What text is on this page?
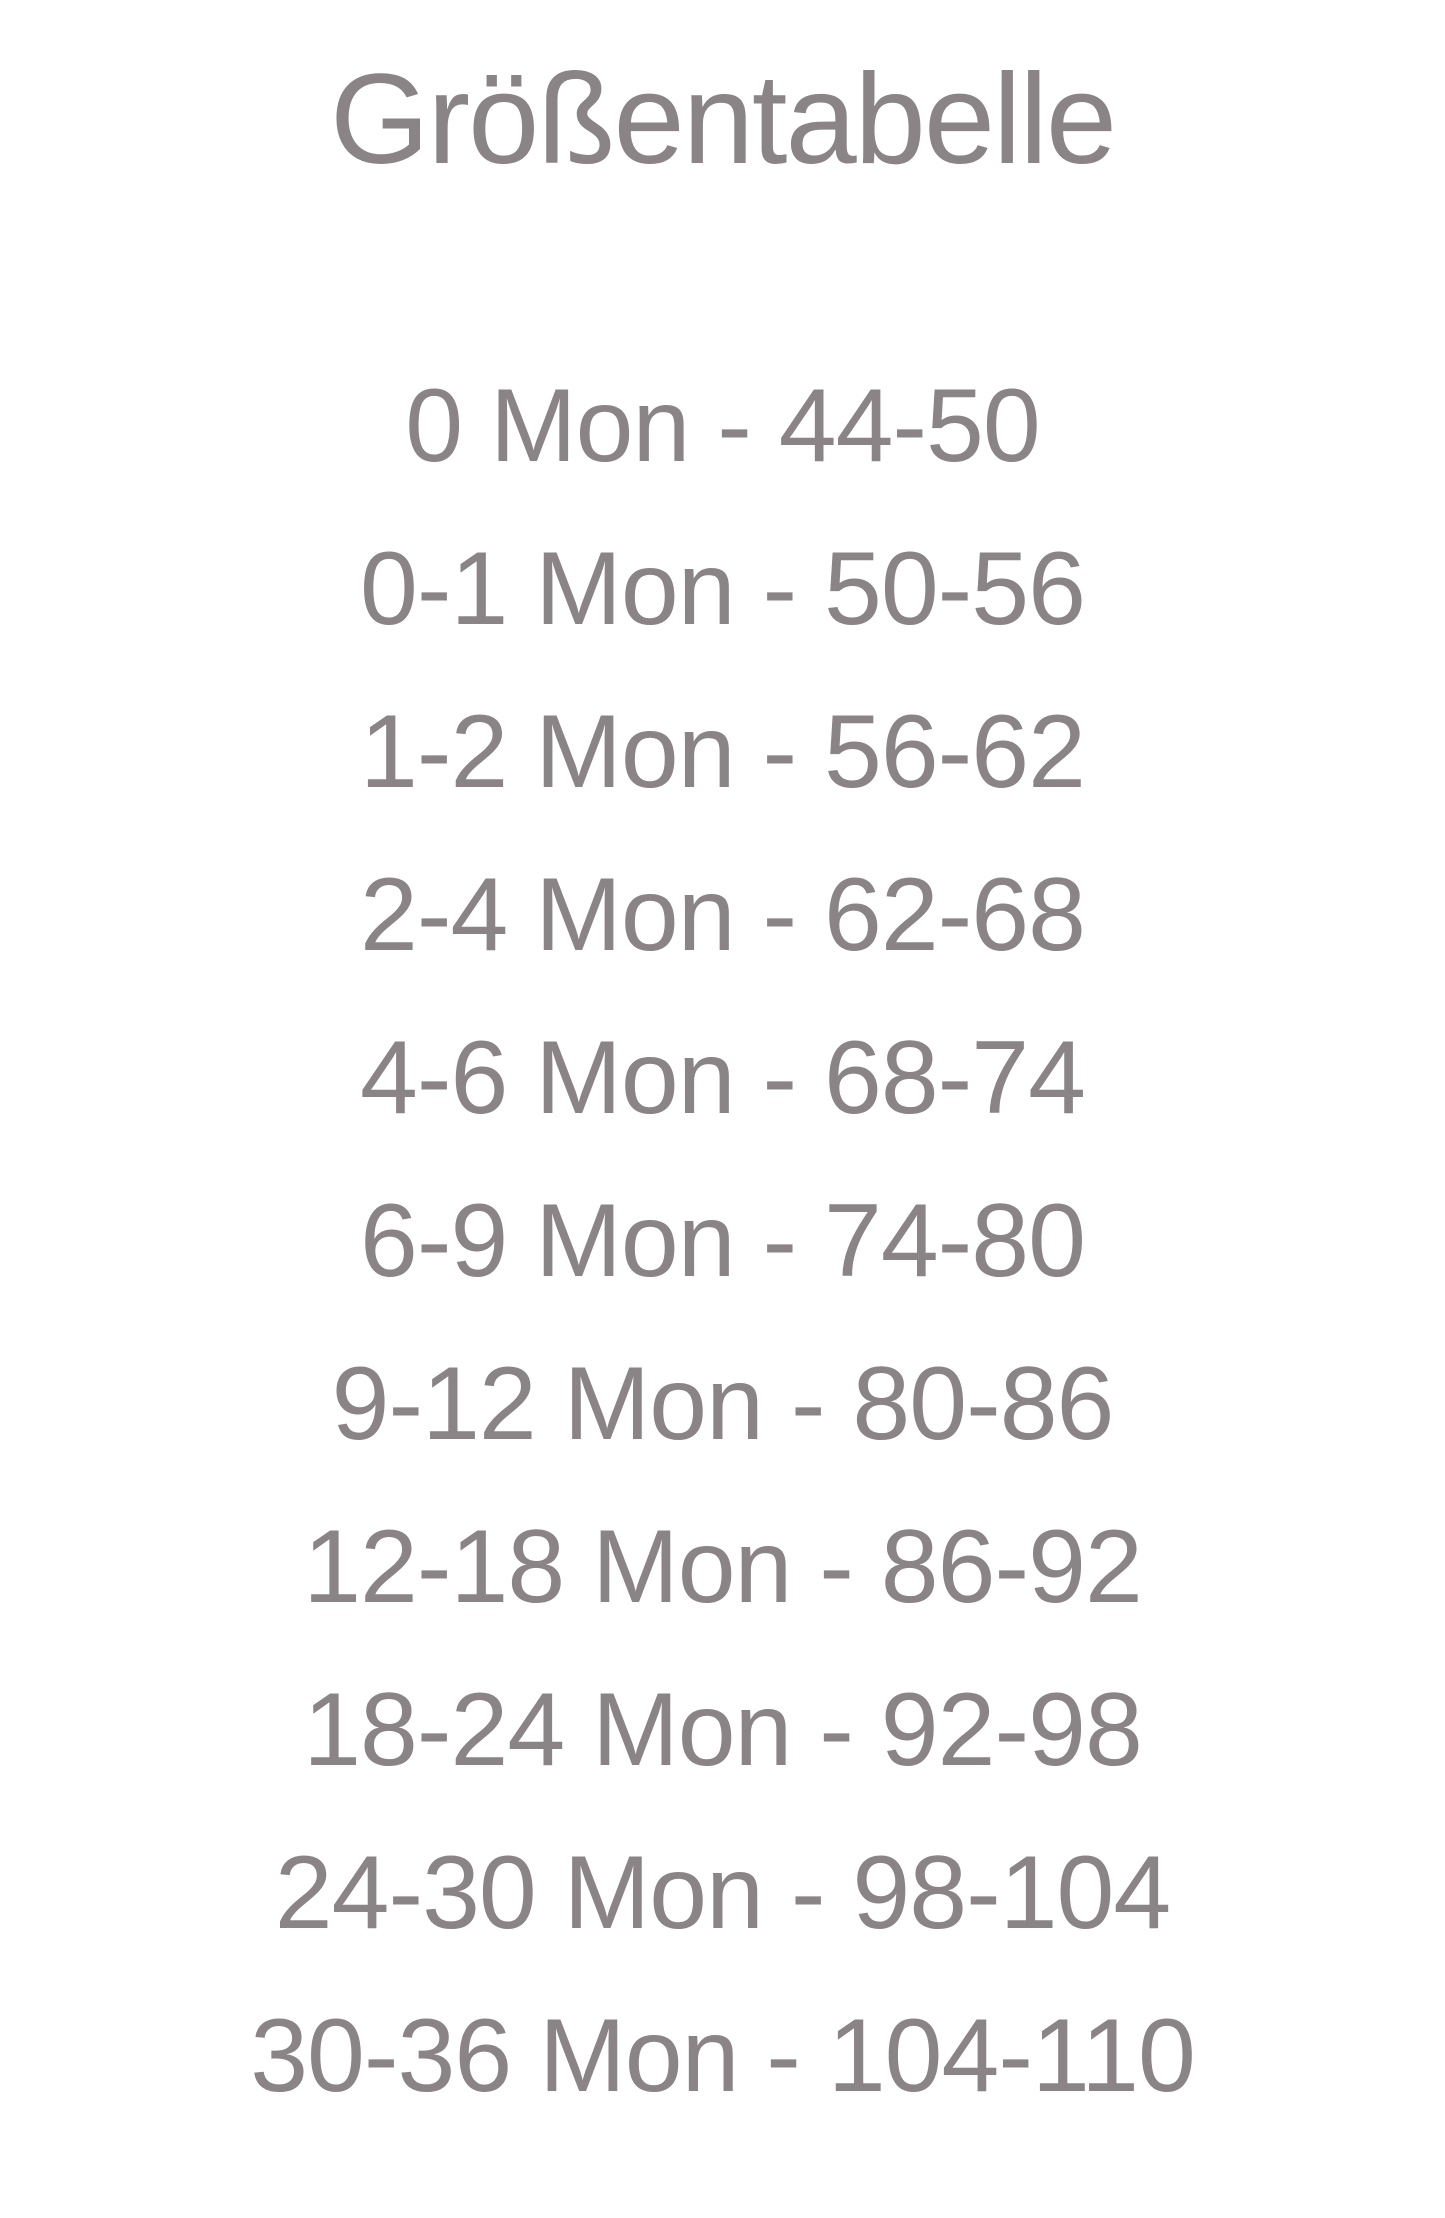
Größentabelle
0 Mon - 44-50
0-1 Mon - 50-56
1-2 Mon - 56-62
2-4 Mon - 62-68
4-6 Mon - 68-74
6-9 Mon - 74-80
9-12 Mon - 80-86
12-18 Mon - 86-92
18-24 Mon - 92-98
24-30 Mon - 98-104
30-36 Mon - 104-110
